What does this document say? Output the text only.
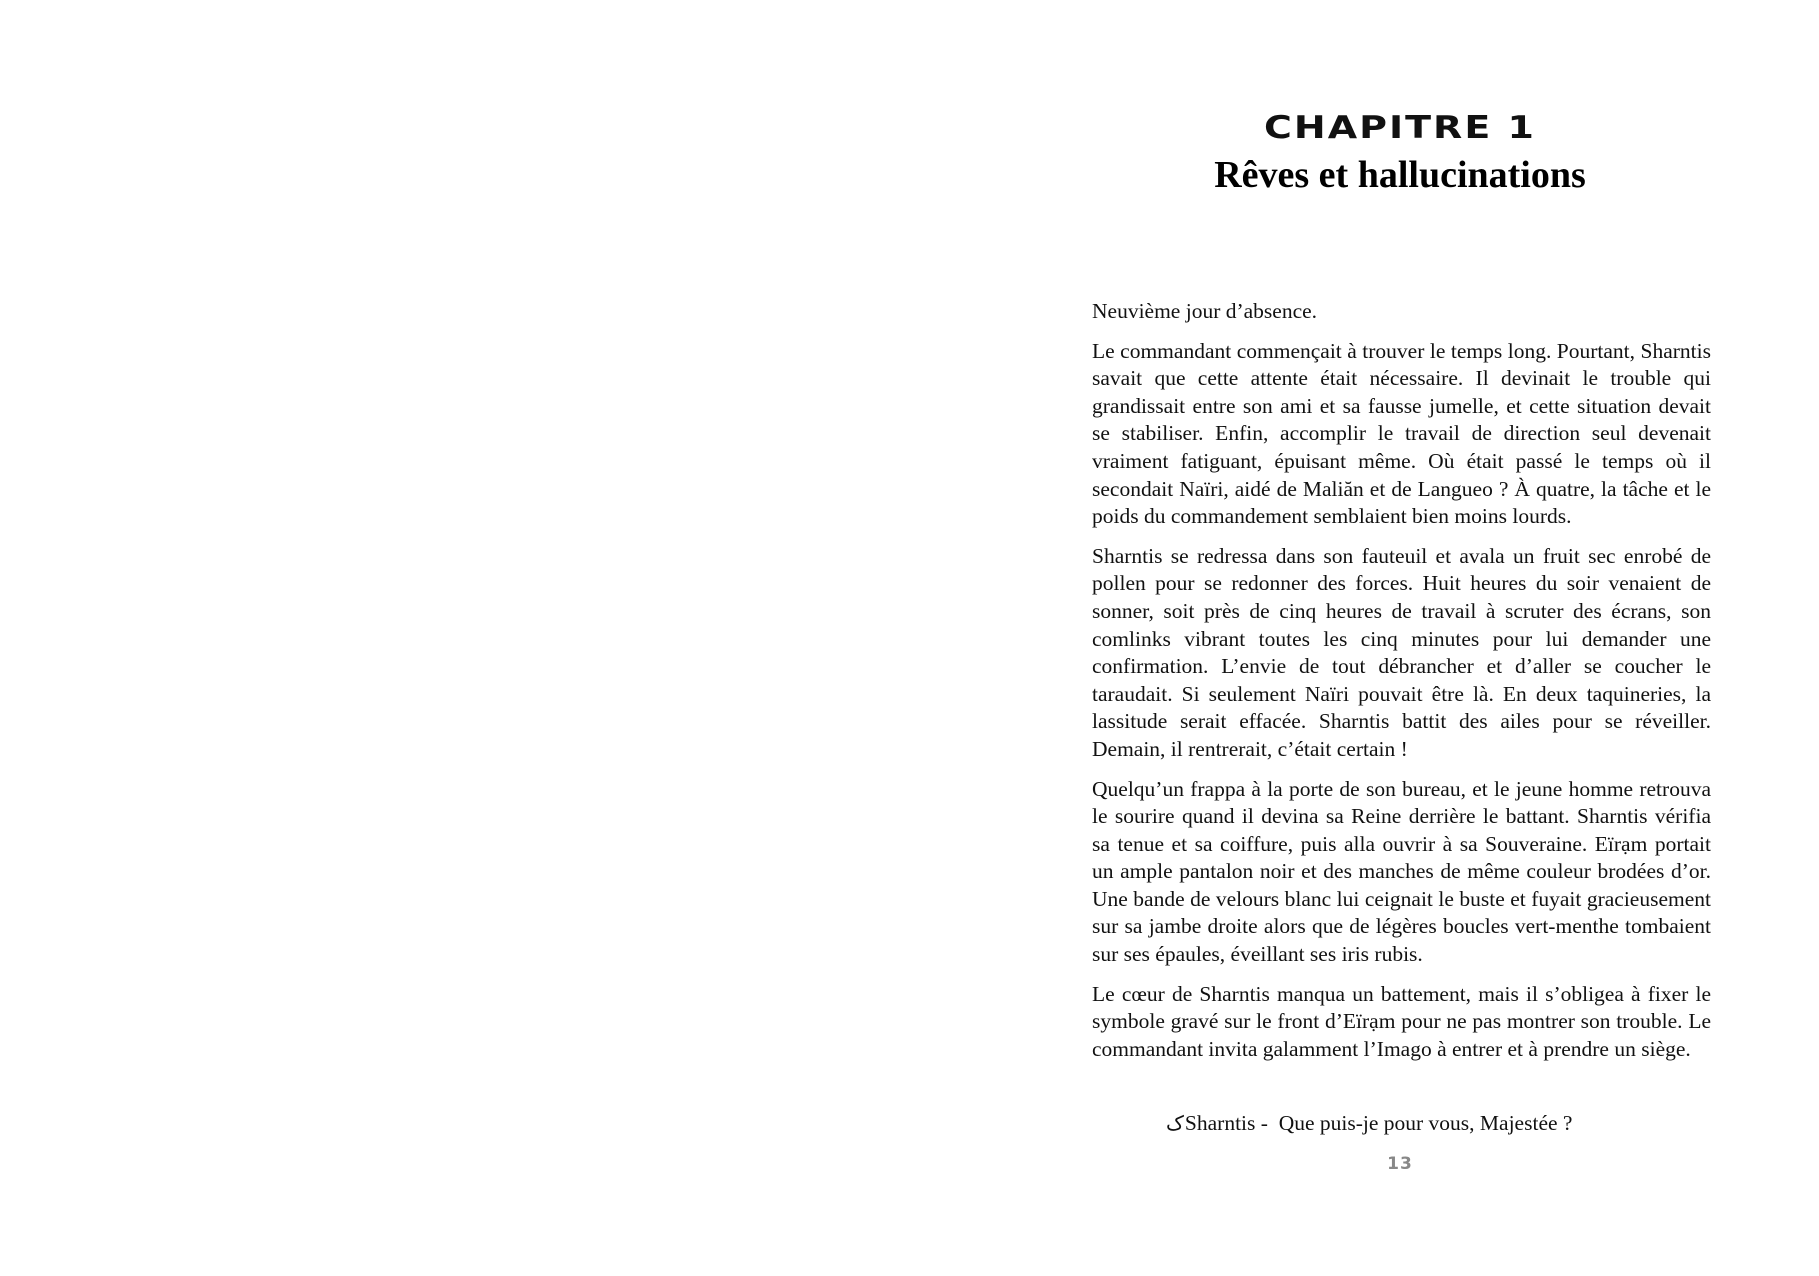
CHAPITRE 1
Rêves et hallucinations

Neuvième jour d’absence.

Le commandant commençait à trouver le temps long. Pourtant, Sharntis savait que cette attente était nécessaire. Il devinait le trouble qui grandissait entre son ami et sa fausse jumelle, et cette situation devait se stabiliser. Enfin, accomplir le travail de direction seul devenait vraiment fatiguant, épuisant même. Où était passé le temps où il secondait Naïri, aidé de Maliăn et de Langueo ? À quatre, la tâche et le poids du commandement semblaient bien moins lourds.

Sharntis se redressa dans son fauteuil et avala un fruit sec enrobé de pollen pour se redonner des forces. Huit heures du soir venaient de sonner, soit près de cinq heures de travail à scruter des écrans, son comlinks vibrant toutes les cinq minutes pour lui demander une confirmation. L’envie de tout débrancher et d’aller se coucher le taraudait. Si seulement Naïri pouvait être là. En deux taquineries, la lassitude serait effacée. Sharntis battit des ailes pour se réveiller. Demain, il rentrerait, c’était certain !

Quelqu’un frappa à la porte de son bureau, et le jeune homme retrouva le sourire quand il devina sa Reine derrière le battant. Sharntis vérifia sa tenue et sa coiffure, puis alla ouvrir à sa Souveraine. Eïrạm portait un ample pantalon noir et des manches de même couleur brodées d’or. Une bande de velours blanc lui ceignait le buste et fuyait gracieusement sur sa jambe droite alors que de légères boucles vert-menthe tombaient sur ses épaules, éveillant ses iris rubis.

Le cœur de Sharntis manqua un battement, mais il s’obligea à fixer le symbole gravé sur le front d’Eïrạm pour ne pas montrer son trouble. Le commandant invita galamment l’Imago à entrer et à prendre un siège.

کSharntis -  Que puis-je pour vous, Majestée ?
13
